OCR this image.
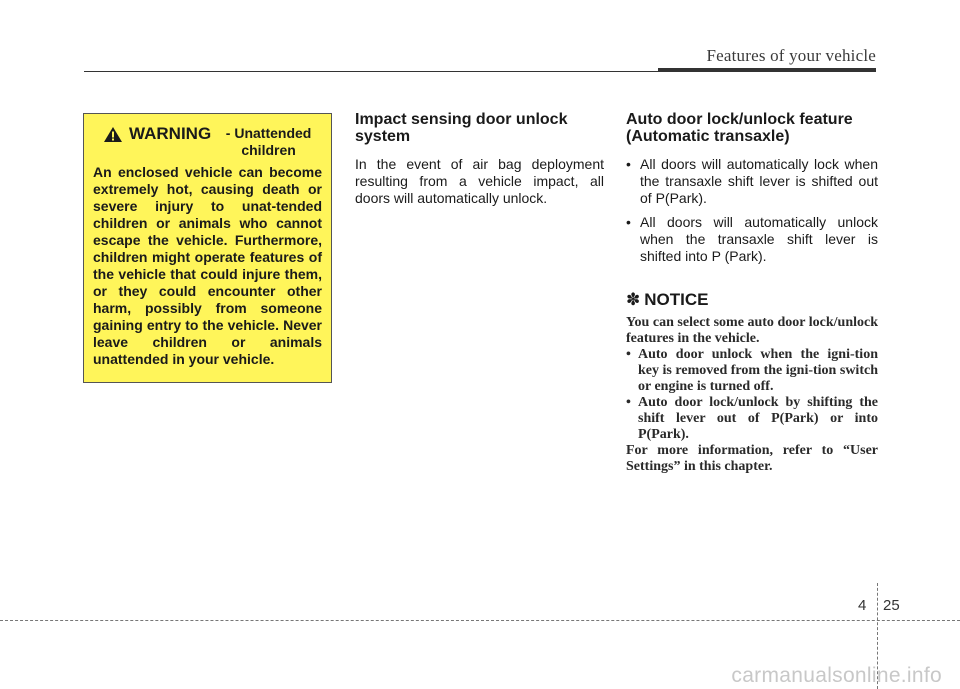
Features of your vehicle
WARNING	- Unattended
children
An enclosed vehicle can become extremely hot, causing death or severe injury to unat-tended children or animals who cannot escape the vehicle. Furthermore, children might operate features of the vehicle that could injure them, or they could encounter other harm, possibly from someone gaining entry to the vehicle. Never leave children or animals unattended in your vehicle.
Impact sensing door unlock system
In the event of air bag deployment resulting from a vehicle impact, all doors will automatically unlock.
Auto door lock/unlock feature (Automatic transaxle)
• All doors will automatically lock when the transaxle shift lever is shifted out of P(Park).
• All doors will automatically unlock when the transaxle shift lever is shifted into P (Park).
✽ NOTICE

You can select some auto door lock/unlock features in the vehicle.

• Auto door unlock when the igni-tion key is removed from the igni-tion switch or engine is turned off.
• Auto door lock/unlock by shifting the shift lever out of P(Park) or into P(Park).

For more information, refer to “User Settings” in this chapter.

4 25
carmanualsonline.info
